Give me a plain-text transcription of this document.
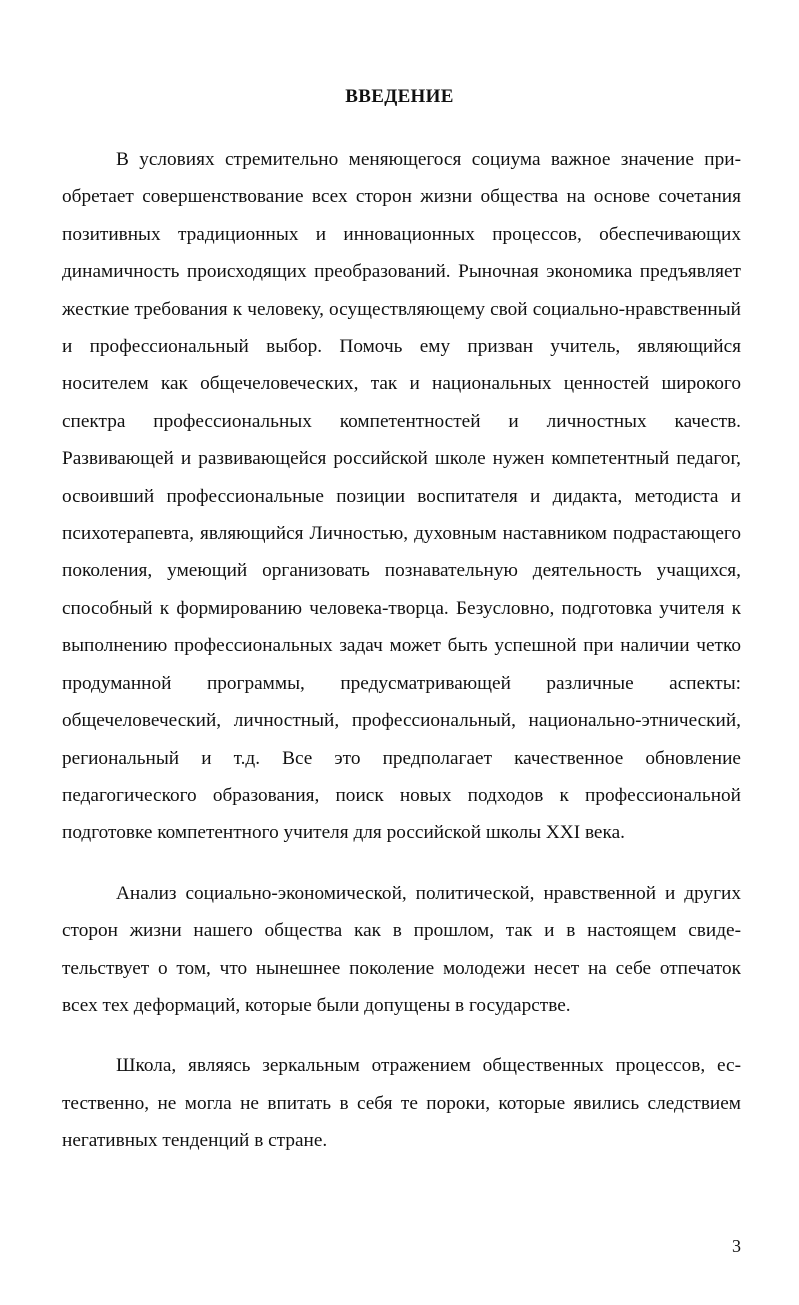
ВВЕДЕНИЕ

В условиях стремительно меняющегося социума важное значение приобретает совершенствование всех сторон жизни общества на основе сочетания позитивных традиционных и инновационных процессов, обеспечивающих динамичность происходящих преобразований. Рыночная экономика предъявляет жесткие требования к человеку, осуществляющему свой социально-нравственный и профессиональный выбор. Помочь ему призван учитель, являющийся носителем как общечеловеческих, так и национальных ценностей широкого спектра профессиональных компетентностей и личностных качеств. Развивающей и развивающейся российской школе нужен компетентный педагог, освоивший профессиональные позиции воспитателя и дидакта, методиста и психотерапевта, являющийся Личностью, духовным наставником подрастающего поколения, умеющий организовать познавательную деятельность учащихся, способный к формированию человека-творца. Безусловно, подготовка учителя к выполнению профессиональных задач может быть успешной при наличии четко продуманной программы, предусматривающей различные аспекты: общечеловеческий, личностный, профессиональный, национально-этнический, региональный и т.д. Все это предполагает качественное обновление педагогического образования, поиск новых подходов к профессиональной подготовке компетентного учителя для российской школы XXI века.

Анализ социально-экономической, политической, нравственной и других сторон жизни нашего общества как в прошлом, так и в настоящем свидетельствует о том, что нынешнее поколение молодежи несет на себе отпечаток всех тех деформаций, которые были допущены в государстве.

Школа, являясь зеркальным отражением общественных процессов, естественно, не могла не впитать в себя те пороки, которые явились следствием негативных тенденций в стране.

3
